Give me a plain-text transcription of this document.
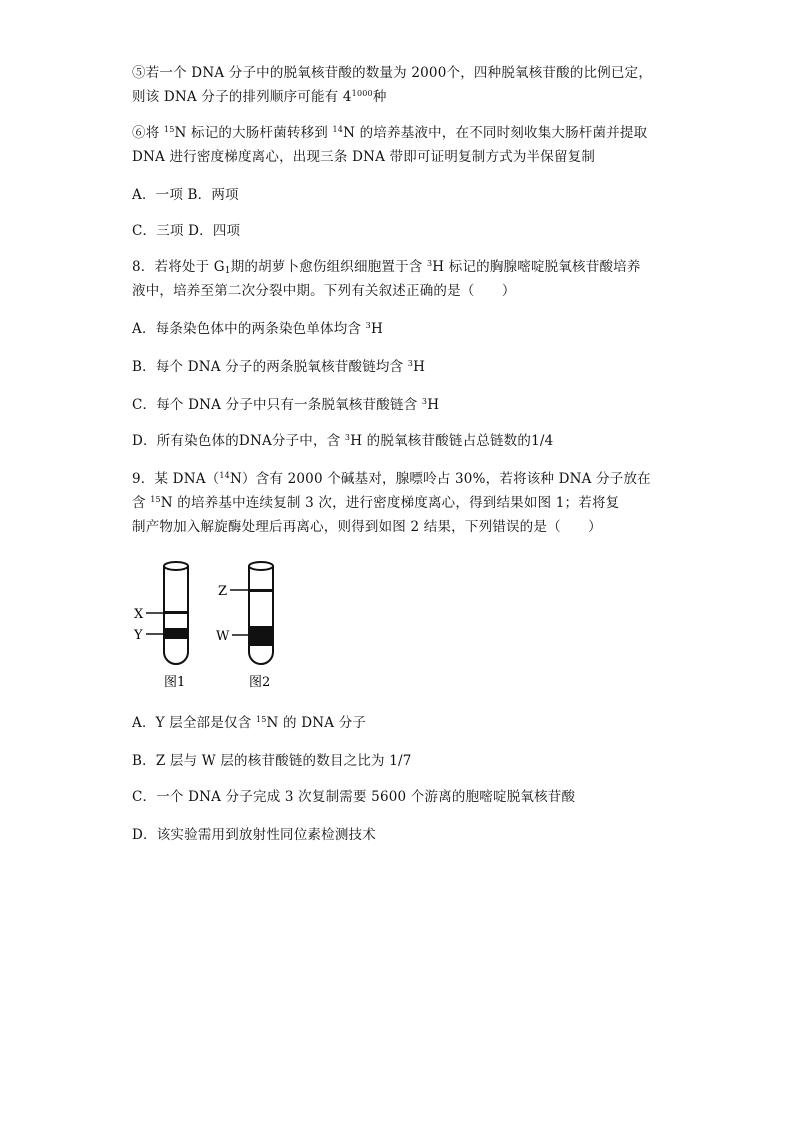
⑤若一个 DNA 分子中的脱氧核苷酸的数量为 2000个，四种脱氧核苷酸的比例已定，
则该 DNA 分子的排列顺序可能有 $4^{1000}$种
⑥将 $^{15}$N 标记的大肠杆菌转移到 $^{14}$N 的培养基液中，在不同时刻收集大肠杆菌并提取
DNA 进行密度梯度离心，出现三条 DNA 带即可证明复制方式为半保留复制
A．一项 B．两项
C．三项 D．四项
8．若将处于 $G_1$期的胡萝卜愈伤组织细胞置于含 $^3$H 标记的胸腺嘧啶脱氧核苷酸培养
液中，培养至第二次分裂中期。下列有关叙述正确的是（　　）
A．每条染色体中的两条染色单体均含 $^3$H
B．每个 DNA 分子的两条脱氧核苷酸链均含 $^3$H
C．每个 DNA 分子中只有一条脱氧核苷酸链含 $^3$H
D．所有染色体的DNA分子中，含 $^3$H 的脱氧核苷酸链占总链数的1/4
9．某 DNA（$^{14}$N）含有 2000 个碱基对，腺嘌呤占 30%，若将该种 DNA 分子放在
含 $^{15}$N 的培养基中连续复制 3 次，进行密度梯度离心，得到结果如图 1；若将复
制产物加入解旋酶处理后再离心，则得到如图 2 结果，下列错误的是（　　）
X
Y
Z
W
图1	图2
A．Y 层全部是仅含 $^{15}$N 的 DNA 分子
B．Z 层与 W 层的核苷酸链的数目之比为 1/7
C．一个 DNA 分子完成 3 次复制需要 5600 个游离的胞嘧啶脱氧核苷酸
D．该实验需用到放射性同位素检测技术
